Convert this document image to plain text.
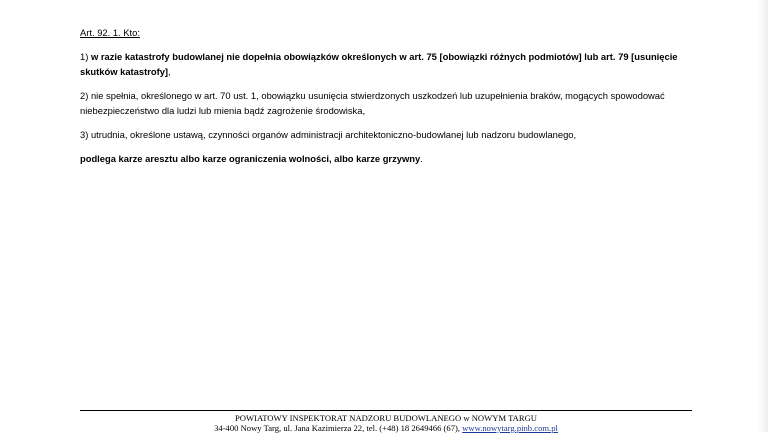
Art. 92. 1. Kto:

1) w razie katastrofy budowlanej nie dopełnia obowiązków określonych w art. 75 [obowiązki różnych podmiotów] lub art. 79 [usunięcie skutków katastrofy],

2) nie spełnia, określonego w art. 70 ust. 1, obowiązku usunięcia stwierdzonych uszkodzeń lub uzupełnienia braków, mogących spowodować niebezpieczeństwo dla ludzi lub mienia bądź zagrożenie środowiska,

3) utrudnia, określone ustawą, czynności organów administracji architektoniczno-budowlanej lub nadzoru budowlanego,

podlega karze aresztu albo karze ograniczenia wolności, albo karze grzywny.

POWIATOWY INSPEKTORAT NADZORU BUDOWLANEGO w NOWYM TARGU
34-400 Nowy Targ, ul. Jana Kazimierza 22, tel. (+48) 18 2649466 (67), www.nowytarg.pinb.com.pl
